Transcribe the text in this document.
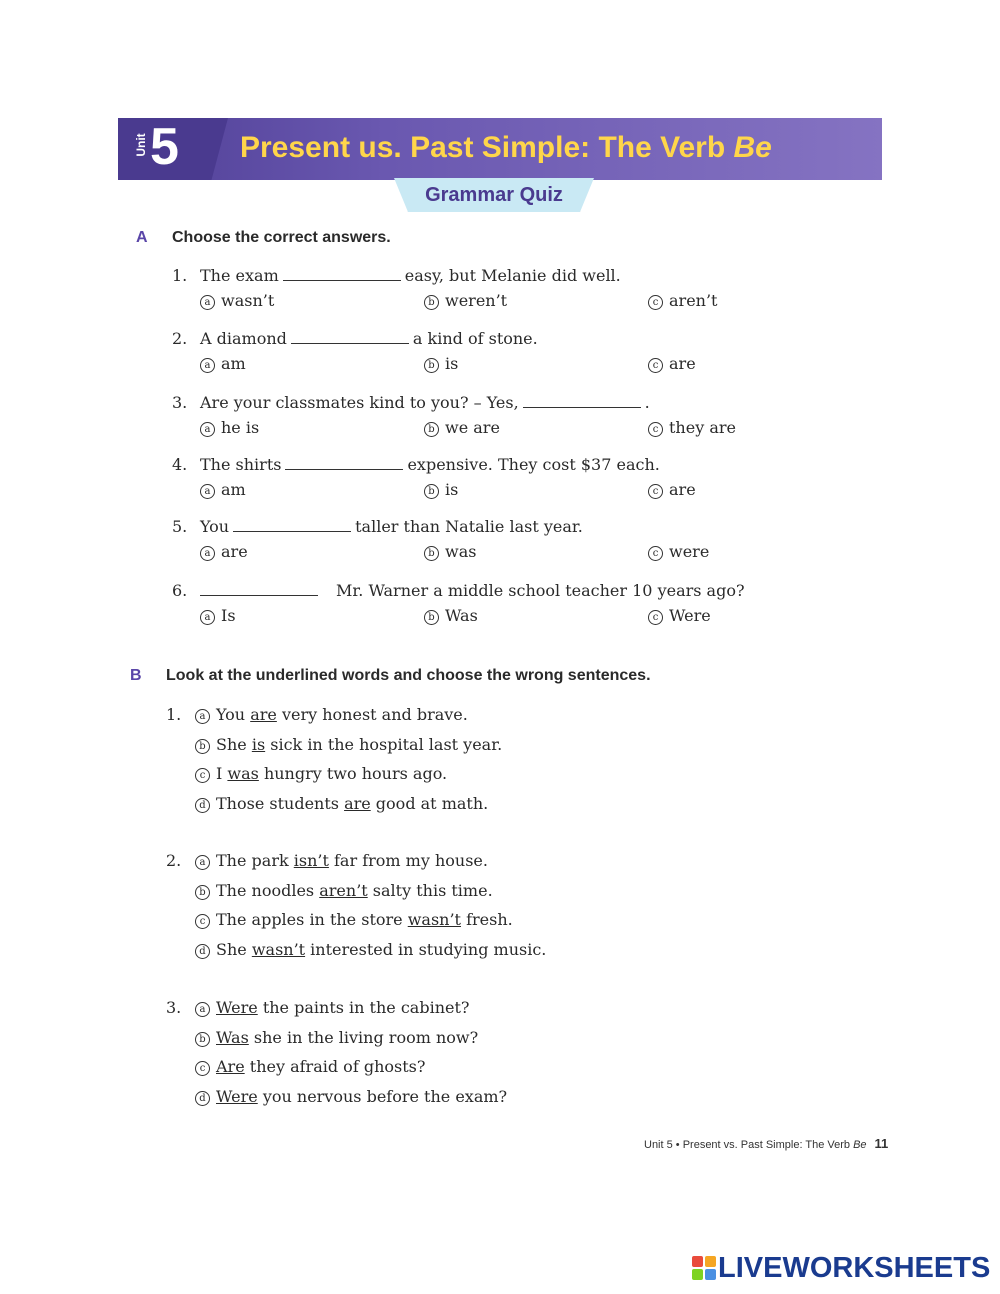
Unit 5 Present us. Past Simple: The Verb Be
Grammar Quiz
A Choose the correct answers.
1. The exam	easy, but Melanie did well.
a wasn’t	b weren’t	c aren’t
2. A diamond	a kind of stone.
a am	b is	c are
3. Are your classmates kind to you? – Yes,	.
a he is	b we are	c they are
4. The shirts	expensive. They cost $37 each.
a am	b is	c are
5. You	taller than Natalie last year.
a are	b was	c were
6.	Mr. Warner a middle school teacher 10 years ago?
a Is	b Was	c Were
B Look at the underlined words and choose the wrong sentences.
1.	a You are very honest and brave.
b She is sick in the hospital last year.
c I was hungry two hours ago.
d Those students are good at math.
2.	a The park isn’t far from my house.
b The noodles aren’t salty this time.
c The apples in the store wasn’t fresh.
d She wasn’t interested in studying music.
3.	a Were the paints in the cabinet?
b Was she in the living room now?
c Are they afraid of ghosts?
d Were you nervous before the exam?
Unit 5 • Present vs. Past Simple: The Verb Be 11
LIVEWORKSHEETS
